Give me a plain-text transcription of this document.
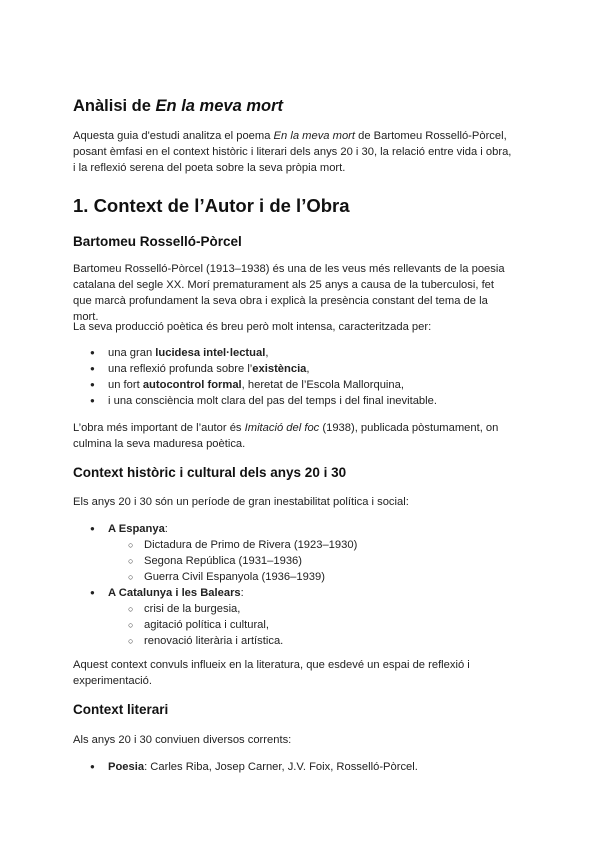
Anàlisi de En la meva mort

Aquesta guia d'estudi analitza el poema En la meva mort de Bartomeu Rosselló-Pòrcel, posant èmfasi en el context històric i literari dels anys 20 i 30, la relació entre vida i obra, i la reflexió serena del poeta sobre la seva pròpia mort.

1. Context de l’Autor i de l’Obra
Bartomeu Rosselló-Pòrcel

Bartomeu Rosselló-Pòrcel (1913–1938) és una de les veus més rellevants de la poesia catalana del segle XX. Morí prematurament als 25 anys a causa de la tuberculosi, fet que marcà profundament la seva obra i explicà la presència constant del tema de la mort.

La seva producció poètica és breu però molt intensa, caracteritzada per:

● una gran lucidesa intel·lectual,
● una reflexió profunda sobre l’existència,
● un fort autocontrol formal, heretat de l’Escola Mallorquina,
● i una consciència molt clara del pas del temps i del final inevitable.

L’obra més important de l’autor és Imitació del foc (1938), publicada pòstumament, on culmina la seva maduresa poètica.

Context històric i cultural dels anys 20 i 30

Els anys 20 i 30 són un període de gran inestabilitat política i social:

● A Espanya:
○ Dictadura de Primo de Rivera (1923–1930)
○ Segona República (1931–1936)
○ Guerra Civil Espanyola (1936–1939)
● A Catalunya i les Balears:
○ crisi de la burgesia,
○ agitació política i cultural,
○ renovació literària i artística.

Aquest context convuls influeix en la literatura, que esdevé un espai de reflexió i experimentació.

Context literari

Als anys 20 i 30 conviuen diversos corrents:

● Poesia: Carles Riba, Josep Carner, J.V. Foix, Rosselló-Pòrcel.
